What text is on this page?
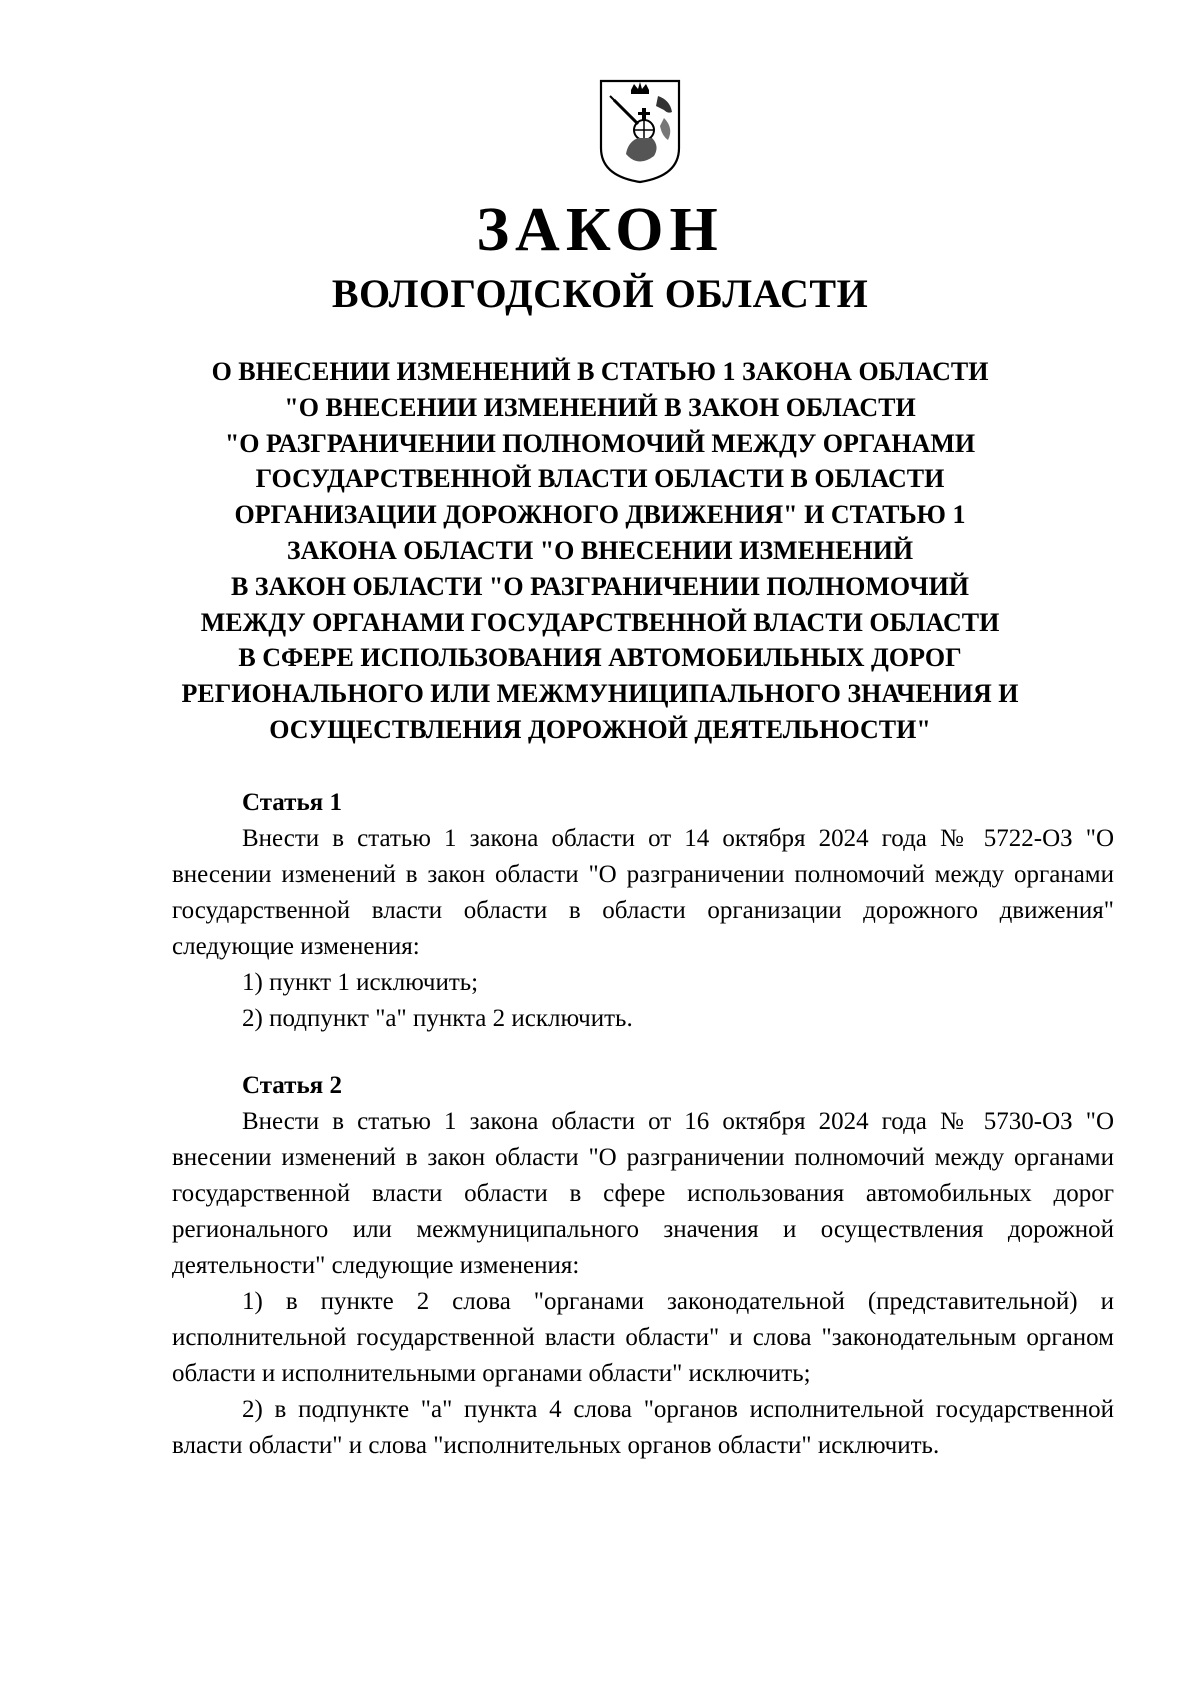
ЗАКОН
ВОЛОГОДСКОЙ ОБЛАСТИ
О ВНЕСЕНИИ ИЗМЕНЕНИЙ В СТАТЬЮ 1 ЗАКОНА ОБЛАСТИ
"О ВНЕСЕНИИ ИЗМЕНЕНИЙ В ЗАКОН ОБЛАСТИ
"О РАЗГРАНИЧЕНИИ ПОЛНОМОЧИЙ МЕЖДУ ОРГАНАМИ
ГОСУДАРСТВЕННОЙ ВЛАСТИ ОБЛАСТИ В ОБЛАСТИ
ОРГАНИЗАЦИИ ДОРОЖНОГО ДВИЖЕНИЯ" И СТАТЬЮ 1
ЗАКОНА ОБЛАСТИ "О ВНЕСЕНИИ ИЗМЕНЕНИЙ
В ЗАКОН ОБЛАСТИ "О РАЗГРАНИЧЕНИИ ПОЛНОМОЧИЙ
МЕЖДУ ОРГАНАМИ ГОСУДАРСТВЕННОЙ ВЛАСТИ ОБЛАСТИ
В СФЕРЕ ИСПОЛЬЗОВАНИЯ АВТОМОБИЛЬНЫХ ДОРОГ
РЕГИОНАЛЬНОГО ИЛИ МЕЖМУНИЦИПАЛЬНОГО ЗНАЧЕНИЯ И
ОСУЩЕСТВЛЕНИЯ ДОРОЖНОЙ ДЕЯТЕЛЬНОСТИ"
Статья 1

Внести в статью 1 закона области от 14 октября 2024 года № 5722-ОЗ "О внесении изменений в закон области "О разграничении полномочий между органами государственной власти области в области организации дорожного движения" следующие изменения:

1) пункт 1 исключить;

2) подпункт "а" пункта 2 исключить.

Статья 2

Внести в статью 1 закона области от 16 октября 2024 года № 5730-ОЗ "О внесении изменений в закон области "О разграничении полномочий между органами государственной власти области в сфере использования автомобильных дорог регионального или межмуниципального значения и осуществления дорожной деятельности" следующие изменения:

1) в пункте 2 слова "органами законодательной (представительной) и исполнительной государственной власти области" и слова "законодательным органом области и исполнительными органами области" исключить;

2) в подпункте "а" пункта 4 слова "органов исполнительной государственной власти области" и слова "исполнительных органов области" исключить.
